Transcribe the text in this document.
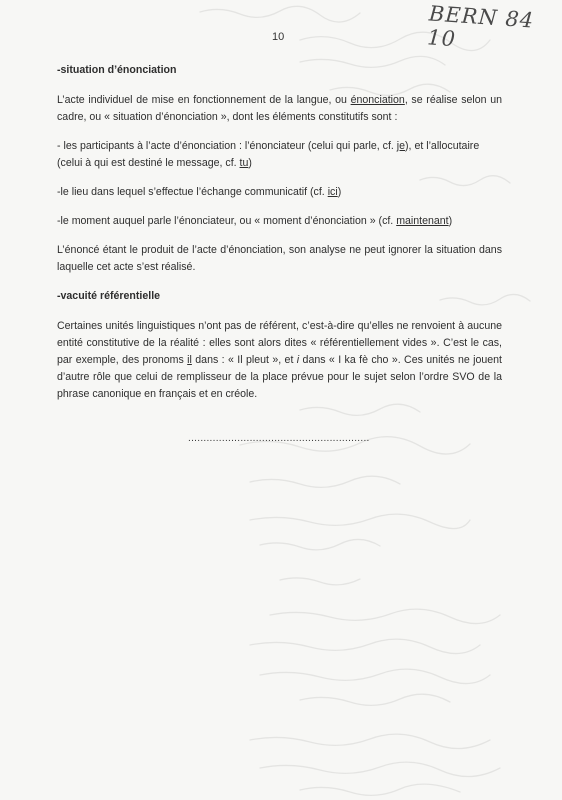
BERN 84 10
10
-situation d’énonciation

L’acte individuel de mise en fonctionnement de la langue, ou énonciation, se réalise selon un cadre, ou « situation d’énonciation », dont les éléments constitutifs sont :

- les participants à l’acte d’énonciation : l’énonciateur (celui qui parle, cf. je), et l’allocutaire (celui à qui est destiné le message, cf. tu)

-le lieu dans lequel s’effectue l’échange communicatif (cf. ici)

-le moment auquel parle l’énonciateur, ou « moment d’énonciation » (cf. maintenant)

L’énoncé étant le produit de l’acte d’énonciation, son analyse ne peut ignorer la situation dans laquelle cet acte s’est réalisé.

-vacuité référentielle

Certaines unités linguistiques n’ont pas de référent, c’est-à-dire qu’elles ne renvoient à aucune entité constitutive de la réalité : elles sont alors dites « référentiellement vides ». C’est le cas, par exemple, des pronoms il dans : « Il pleut », et i dans « I ka fè cho ». Ces unités ne jouent d’autre rôle que celui de remplisseur de la place prévue pour le sujet selon l’ordre SVO de la phrase canonique en français et en créole.

...........................................................
